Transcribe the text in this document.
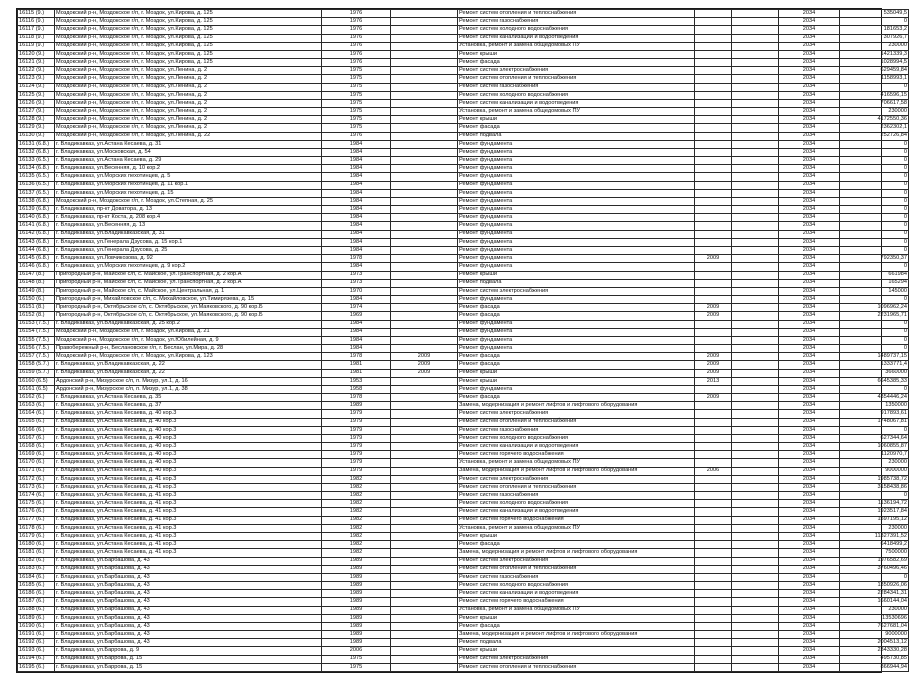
16115 (9.)	Моздокский р-н, Моздокское г/п, г. Моздок, ул.Кирова, д. 125	1976		Ремонт систем отопления и теплоснабжения			2034	535049,5
16116 (9.)	Моздокский р-н, Моздокское г/п, г. Моздок, ул.Кирова, д. 125	1976		Ремонт систем газоснабжения			2034	0
16117 (9.)	Моздокский р-н, Моздокское г/п, г. Моздок, ул.Кирова, д. 125	1976		Ремонт систем холодного водоснабжения			2034	181653,2
16118 (9.)	Моздокский р-н, Моздокское г/п, г. Моздок, ул.Кирова, д. 125	1976		Ремонт систем канализации и водоотведения			2034	307926,7
16119 (9.)	Моздокский р-н, Моздокское г/п, г. Моздок, ул.Кирова, д. 125	1976		Установка, ремонт и замена общедомовых ПУ			2034	230000
16120 (9.)	Моздокский р-н, Моздокское г/п, г. Моздок, ул.Кирова, д. 125	1976		Ремонт крыши			2034	1421339,3
16121 (9.)	Моздокский р-н, Моздокское г/п, г. Моздок, ул.Кирова, д. 125	1976		Ремонт фасада			2034	1028994,5
16122 (9.)	Моздокский р-н, Моздокское г/п, г. Моздок, ул.Ленина, д. 2	1975		Ремонт систем электроснабжения			2034	629459,84
16123 (9.)	Моздокский р-н, Моздокское г/п, г. Моздок, ул.Ленина, д. 2	1975		Ремонт систем отопления и теплоснабжения			2034	1158993,1
16124 (9.)	Моздокский р-н, Моздокское г/п, г. Моздок, ул.Ленина, д. 2	1975		Ремонт систем газоснабжения			2034	0
16125 (9.)	Моздокский р-н, Моздокское г/п, г. Моздок, ул.Ленина, д. 2	1975		Ремонт систем холодного водоснабжения			2034	416596,15
16126 (9.)	Моздокский р-н, Моздокское г/п, г. Моздок, ул.Ленина, д. 2	1975		Ремонт систем канализации и водоотведения			2034	706617,58
16127 (9.)	Моздокский р-н, Моздокское г/п, г. Моздок, ул.Ленина, д. 2	1975		Установка, ремонт и замена общедомовых ПУ			2034	230000
16128 (9.)	Моздокский р-н, Моздокское г/п, г. Моздок, ул.Ленина, д. 2	1975		Ремонт крыши			2034	4172550,36
16129 (9.)	Моздокский р-н, Моздокское г/п, г. Моздок, ул.Ленина, д. 2	1975		Ремонт фасада			2034	2362302,1
16130 (9.)	Моздокский р-н, Моздокское г/п, г. Моздок, ул.Ленина, д. 22	1976		Ремонт подвала			2034	252726,84
16131 (6.8.)	г. Владикавказ, ул.Астана Кесаева, д. 31	1984		Ремонт фундамента			2034	0
16132 (6.8.)	г. Владикавказ, ул.Московская, д. 54	1984		Ремонт фундамента			2034	0
16133 (6.5.)	г. Владикавказ, ул.Астана Кесаева, д. 29	1984		Ремонт фундамента			2034	0
16134 (6.8.)	г. Владикавказ, ул.Весенняя, д. 10 кор.2	1984		Ремонт фундамента			2034	0
16135 (6.5.)	г. Владикавказ, ул.Морских пехотинцев, д. 5	1984		Ремонт фундамента			2034	0
16136 (6.5.)	г. Владикавказ, ул.Морских пехотинцев, д. 11 кор.1	1984		Ремонт фундамента			2034	0
16137 (6.5.)	г. Владикавказ, ул.Морских пехотинцев, д. 15	1984		Ремонт фундамента			2034	0
16138 (6.8.)	Моздокский р-н, Моздокское г/п, г. Моздок, ул.Степная, д. 25	1984		Ремонт фундамента			2034	0
16139 (6.8.)	г. Владикавказ, пр-кт Доватора, д. 13	1984		Ремонт фундамента			2034	0
16140 (6.8.)	г. Владикавказ, пр-кт Коста, д. 208 кор.4	1984		Ремонт фундамента			2034	0
16141 (6.8.)	г. Владикавказ, ул.Весенняя, д. 13	1984		Ремонт фундамента			2034	0
16142 (6.8.)	г. Владикавказ, ул.Владикавказская, д. 31	1984		Ремонт фундамента			2034	0
16143 (6.8.)	г. Владикавказ, ул.Генерала Дзусова, д. 15 кор.1	1984		Ремонт фундамента			2034	0
16144 (6.8.)	г. Владикавказ, ул.Генерала Дзусова, д. 25	1984		Ремонт фундамента			2034	0
16145 (6.8.)	г. Владикавказ, ул.Ловчикозова, д. 92	1978		Ремонт фундамента	2009		2034	792350,37
16146 (6.8.)	г. Владикавказ, ул.Морских пехотинцев, д. 9 кор.2	1984		Ремонт фундамента			2034	0
16147 (8.)	Пригородный р-н, Майское с/п, с. Майское, ул.Транспортная, д. 2 кор.А	1973		Ремонт крыши			2034	661984
16148 (8.)	Пригородный р-н, Майское с/п, с. Майское, ул.Транспортная, д. 2 кор.А	1973		Ремонт подвала			2034	165294
16149 (8.)	Пригородный р-н, Майское с/п, с. Майское, ул.Центральная, д. 1	1970		Ремонт систем электроснабжения			2034	145000
16150 (6.)	Пригородный р-н, Михайловское с/п, с. Михайловское, ул.Тимирязева, д. 15	1984		Ремонт фундамента			2034	0
16151 (8.)	Пригородный р-н, Октябрьское с/п, с. Октябрьское, ул.Маяковского, д. 90 кор.Б	1974		Ремонт фасада	2009		2034	1096962,24
16152 (8.)	Пригородный р-н, Октябрьское с/п, с. Октябрьское, ул.Маяковского, д. 90 кор.Б	1969		Ремонт фасада	2009		2034	2231965,71
16153 (7.5.)	г. Владикавказ, ул.Владикавказская, д. 25 кор.2	1984		Ремонт фундамента			2034	0
16154 (7.5.)	Моздокский р-н, Моздокское г/п, г. Моздок, ул.Кирова, д. 21	1984		Ремонт фундамента			2034	0
16155 (7.5.)	Моздокский р-н, Моздокское г/п, г. Моздок, ул.Юбилейная, д. 9	1984		Ремонт фундамента			2034	0
16156 (7.5.)	Правобережный р-н, Беслановское г/п, г. Беслан, ул.Мира, д. 28	1984		Ремонт фундамента			2034	0
16157 (7.5.)	Моздокский р-н, Моздокское г/п, г. Моздок, ул.Кирова, д. 123	1978	2009	Ремонт фасада	2009		2034	1489737,15
16158 (5.7.)	г. Владикавказ, ул.Владикавказская, д. 22	1981	2009	Ремонт фасада	2009		2034	1333771,4
16159 (5.7.)	г. Владикавказ, ул.Владикавказская, д. 22	1981	2009	Ремонт крыши	2009		2034	3660000
16160 (6.5)	Ардонский р-н, Мизурское с/п, п. Мизур, ул.1, д. 16	1953		Ремонт крыши	2013		2034	6645385,33
16161 (6.5)	Ардонский р-н, Мизурское с/п, п. Мизур, ул.1, д. 38	1958		Ремонт фундамента			2034	0
16162 (6.)	г. Владикавказ, ул.Астана Кесаева, д. 35	1978		Ремонт фасада	2009		2034	4354446,24
16163 (6.)	г. Владикавказ, ул.Астана Кесаева, д. 37	1989		Замена, модернизация и ремонт лифтов и лифтового оборудования			2034	1350000
16164 (6.)	г. Владикавказ, ул.Астана Кесаева, д. 40 кор.3	1979		Ремонт систем электроснабжения			2034	917893,61
16165 (6.)	г. Владикавказ, ул.Астана Кесаева, д. 40 кор.3	1979		Ремонт систем отопления и теплоснабжения			2034	1748067,81
16166 (6.)	г. Владикавказ, ул.Астана Кесаева, д. 40 кор.3	1979		Ремонт систем газоснабжения			2034	0
16167 (6.)	г. Владикавказ, ул.Астана Кесаева, д. 40 кор.3	1979		Ремонт систем холодного водоснабжения			2034	627344,64
16168 (6.)	г. Владикавказ, ул.Астана Кесаева, д. 40 кор.3	1979		Ремонт систем канализации и водоотведения			2034	1060855,87
16169 (6.)	г. Владикавказ, ул.Астана Кесаева, д. 40 кор.3	1979		Ремонт систем горячего водоснабжения			2034	1120970,7
16170 (6.)	г. Владикавказ, ул.Астана Кесаева, д. 40 кор.3	1979		Установка, ремонт и замена общедомовых ПУ			2034	230000
16171 (6.)	г. Владикавказ, ул.Астана Кесаева, д. 40 кор.3	1979		Замена, модернизация и ремонт лифтов и лифтового оборудования	2006		2034	9000000
16172 (6.)	г. Владикавказ, ул.Астана Кесаева, д. 41 кор.3	1982		Ремонт систем электроснабжения			2034	1985738,72
16173 (6.)	г. Владикавказ, ул.Астана Кесаева, д. 41 кор.3	1982		Ремонт систем отопления и теплоснабжения			2034	3158438,86
16174 (6.)	г. Владикавказ, ул.Астана Кесаева, д. 41 кор.3	1982		Ремонт систем газоснабжения			2034	0
16175 (6.)	г. Владикавказ, ул.Астана Кесаева, д. 41 кор.3	1982		Ремонт систем холодного водоснабжения			2034	1136194,72
16176 (6.)	г. Владикавказ, ул.Астана Кесаева, д. 41 кор.3	1982		Ремонт систем канализации и водоотведения			2034	1923517,84
16177 (6.)	г. Владикавказ, ул.Астана Кесаева, д. 41 кор.3	1982		Ремонт систем горячего водоснабжения			2034	1597195,12
16178 (6.)	г. Владикавказ, ул.Астана Кесаева, д. 41 кор.3	1982		Установка, ремонт и замена общедомовых ПУ			2034	230000
16179 (6.)	г. Владикавказ, ул.Астана Кесаева, д. 41 кор.3	1982		Ремонт крыши			2034	11327391,52
16180 (6.)	г. Владикавказ, ул.Астана Кесаева, д. 41 кор.3	1982		Ремонт фасада			2034	6418499,2
16181 (6.)	г. Владикавказ, ул.Астана Кесаева, д. 41 кор.3	1982		Замена, модернизация и ремонт лифтов и лифтового оборудования			2034	7500000
16182 (6.)	г. Владикавказ, ул.Барбашова, д. 43	1989		Ремонт систем электроснабжения			2034	1976582,69
16183 (6.)	г. Владикавказ, ул.Барбашова, д. 43	1989		Ремонт систем отопления и теплоснабжения			2034	3760496,46
16184 (6.)	г. Владикавказ, ул.Барбашова, д. 43	1989		Ремонт систем газоснабжения			2034	0
16185 (6.)	г. Владикавказ, ул.Барбашова, д. 43	1989		Ремонт систем холодного водоснабжения			2034	1350926,06
16186 (6.)	г. Владикавказ, ул.Барбашова, д. 43	1989		Ремонт систем канализации и водоотведения			2034	2284341,31
16187 (6.)	г. Владикавказ, ул.Барбашова, д. 43	1989		Ремонт систем горячего водоснабжения			2034	1660144,04
16188 (6.)	г. Владикавказ, ул.Барбашова, д. 43	1989		Установка, ремонт и замена общедомовых ПУ			2034	230000
16189 (6.)	г. Владикавказ, ул.Барбашова, д. 43	1989		Ремонт крыши			2034	13530696
16190 (6.)	г. Владикавказ, ул.Барбашова, д. 43	1989		Ремонт фасада			2034	7627681,04
16191 (6.)	г. Владикавказ, ул.Барбашова, д. 43	1989		Замена, модернизация и ремонт лифтов и лифтового оборудования			2034	9000000
16192 (6.)	г. Владикавказ, ул.Барбашова, д. 43	1989		Ремонт подвала			2034	2004513,12
16193 (6.)	г. Владикавказ, ул.Баррова, д. 9	2006		Ремонт крыши			2034	2343330,28
16194 (6.)	г. Владикавказ, ул.Баррова, д. 15	1975		Ремонт систем электроснабжения			2034	495730,85
16195 (6.)	г. Владикавказ, ул.Баррова, д. 15	1975		Ремонт систем отопления и теплоснабжения			2034	866944,94
